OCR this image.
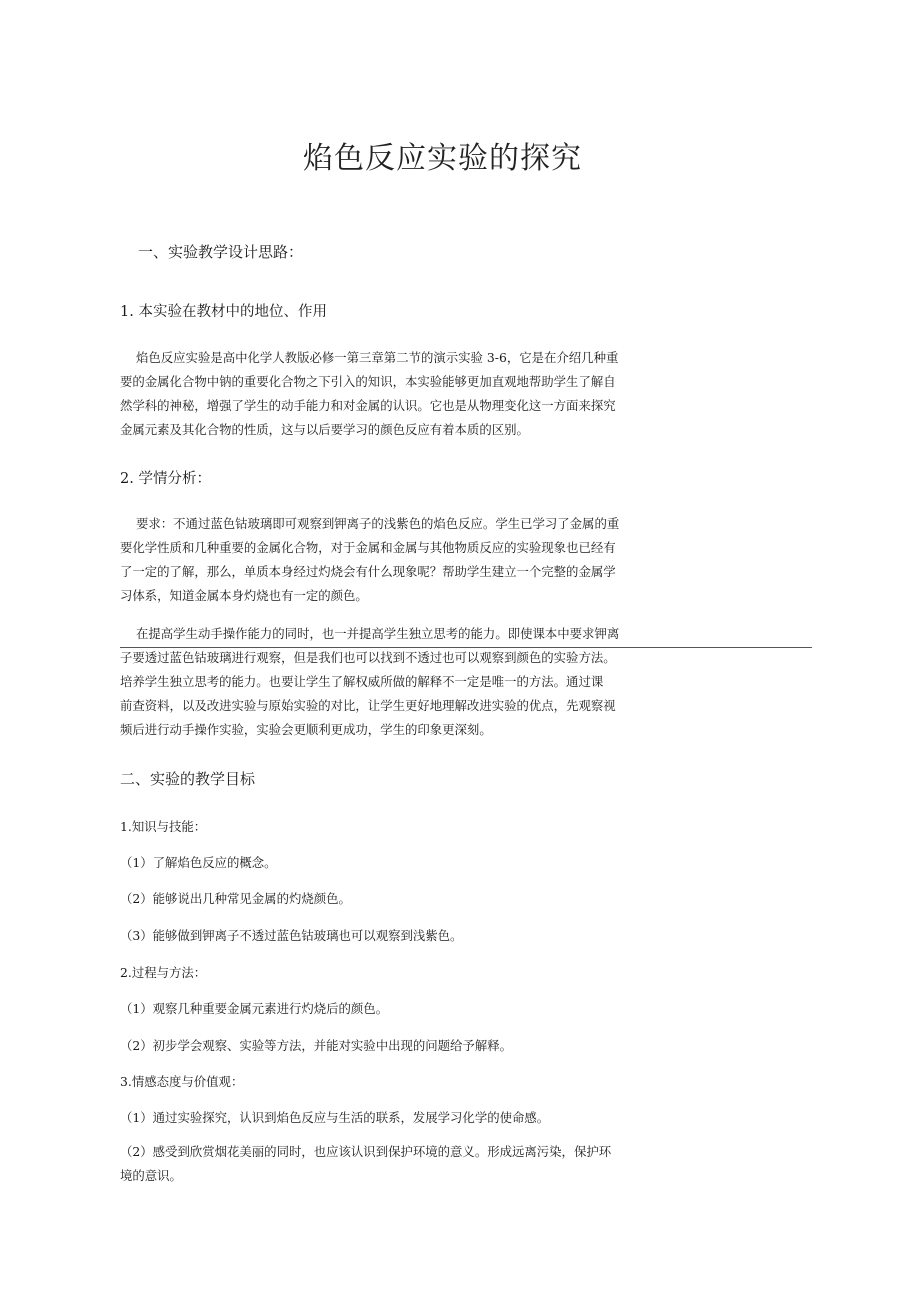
焰色反应实验的探究
一、实验教学设计思路：
1. 本实验在教材中的地位、作用
焰色反应实验是高中化学人教版必修一第三章第二节的演示实验 3-6，它是在介绍几种重
要的金属化合物中钠的重要化合物之下引入的知识，本实验能够更加直观地帮助学生了解自
然学科的神秘，增强了学生的动手能力和对金属的认识。它也是从物理变化这一方面来探究
金属元素及其化合物的性质，这与以后要学习的颜色反应有着本质的区别。
2. 学情分析：
要求：不通过蓝色钴玻璃即可观察到钾离子的浅紫色的焰色反应。学生已学习了金属的重
要化学性质和几种重要的金属化合物，对于金属和金属与其他物质反应的实验现象也已经有
了一定的了解，那么，单质本身经过灼烧会有什么现象呢？帮助学生建立一个完整的金属学
习体系，知道金属本身灼烧也有一定的颜色。
在提高学生动手操作能力的同时，也一并提高学生独立思考的能力。即使课本中要求钾离
子要透过蓝色钴玻璃进行观察，但是我们也可以找到不透过也可以观察到颜色的实验方法。
培养学生独立思考的能力。也要让学生了解权威所做的解释不一定是唯一的方法。通过课
前查资料，以及改进实验与原始实验的对比，让学生更好地理解改进实验的优点，先观察视
频后进行动手操作实验，实验会更顺利更成功，学生的印象更深刻。
二、实验的教学目标
1.知识与技能：
（1）了解焰色反应的概念。
（2）能够说出几种常见金属的灼烧颜色。
（3）能够做到钾离子不透过蓝色钴玻璃也可以观察到浅紫色。
2.过程与方法：
（1）观察几种重要金属元素进行灼烧后的颜色。
（2）初步学会观察、实验等方法，并能对实验中出现的问题给予解释。
3.情感态度与价值观：
（1）通过实验探究，认识到焰色反应与生活的联系，发展学习化学的使命感。
（2）感受到欣赏烟花美丽的同时，也应该认识到保护环境的意义。形成远离污染，保护环
境的意识。
